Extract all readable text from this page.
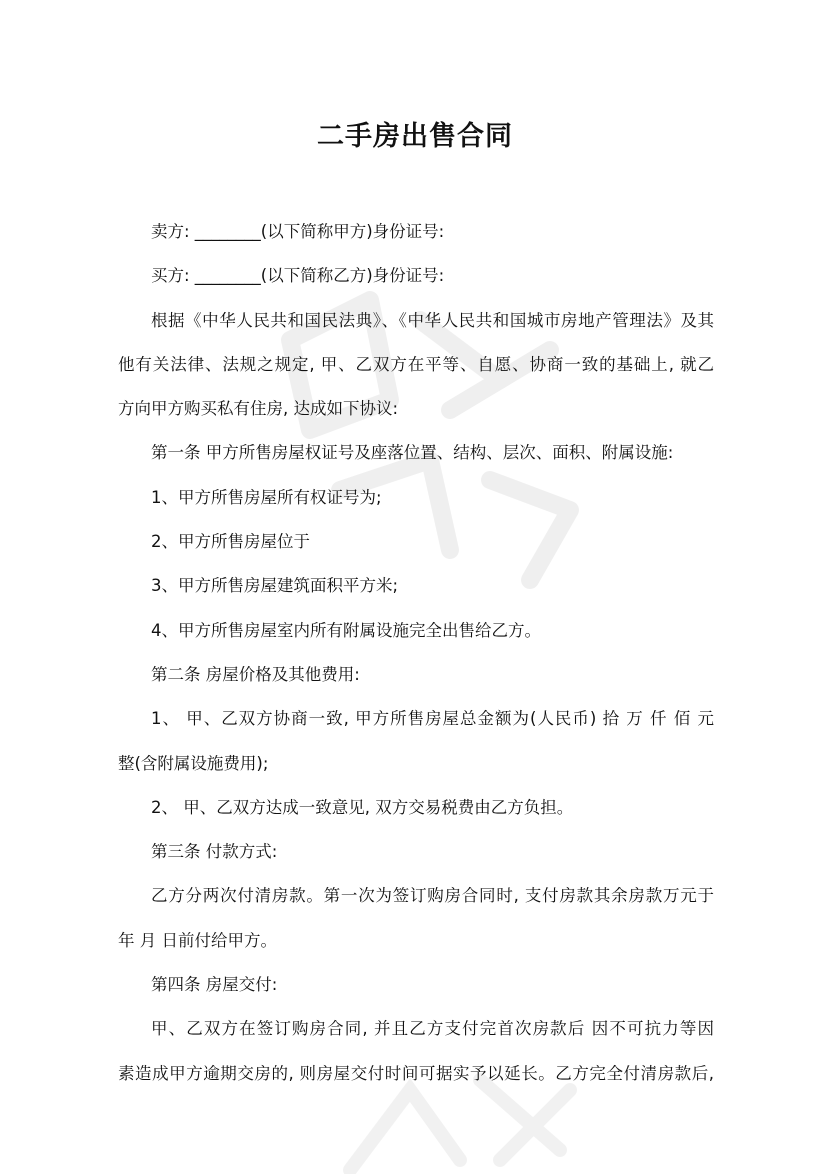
二手房出售合同

卖方: ________(以下简称甲方)身份证号:

买方: ________(以下简称乙方)身份证号:

根据《中华人民共和国民法典》、《中华人民共和国城市房地产管理法》及其
他有关法律、法规之规定, 甲、乙双方在平等、自愿、协商一致的基础上, 就乙
方向甲方购买私有住房, 达成如下协议:

第一条 甲方所售房屋权证号及座落位置、结构、层次、面积、附属设施:

1、甲方所售房屋所有权证号为;

2、甲方所售房屋位于

3、甲方所售房屋建筑面积平方米;

4、甲方所售房屋室内所有附属设施完全出售给乙方。

第二条 房屋价格及其他费用:

1、 甲、乙双方协商一致, 甲方所售房屋总金额为(人民币) 拾 万 仟 佰 元
整(含附属设施费用);

2、 甲、乙双方达成一致意见, 双方交易税费由乙方负担。

第三条 付款方式:

乙方分两次付清房款。第一次为签订购房合同时, 支付房款其余房款万元于
年 月 日前付给甲方。

第四条 房屋交付:

甲、乙双方在签订购房合同, 并且乙方支付完首次房款后 因不可抗力等因
素造成甲方逾期交房的, 则房屋交付时间可据实予以延长。乙方完全付清房款后,
